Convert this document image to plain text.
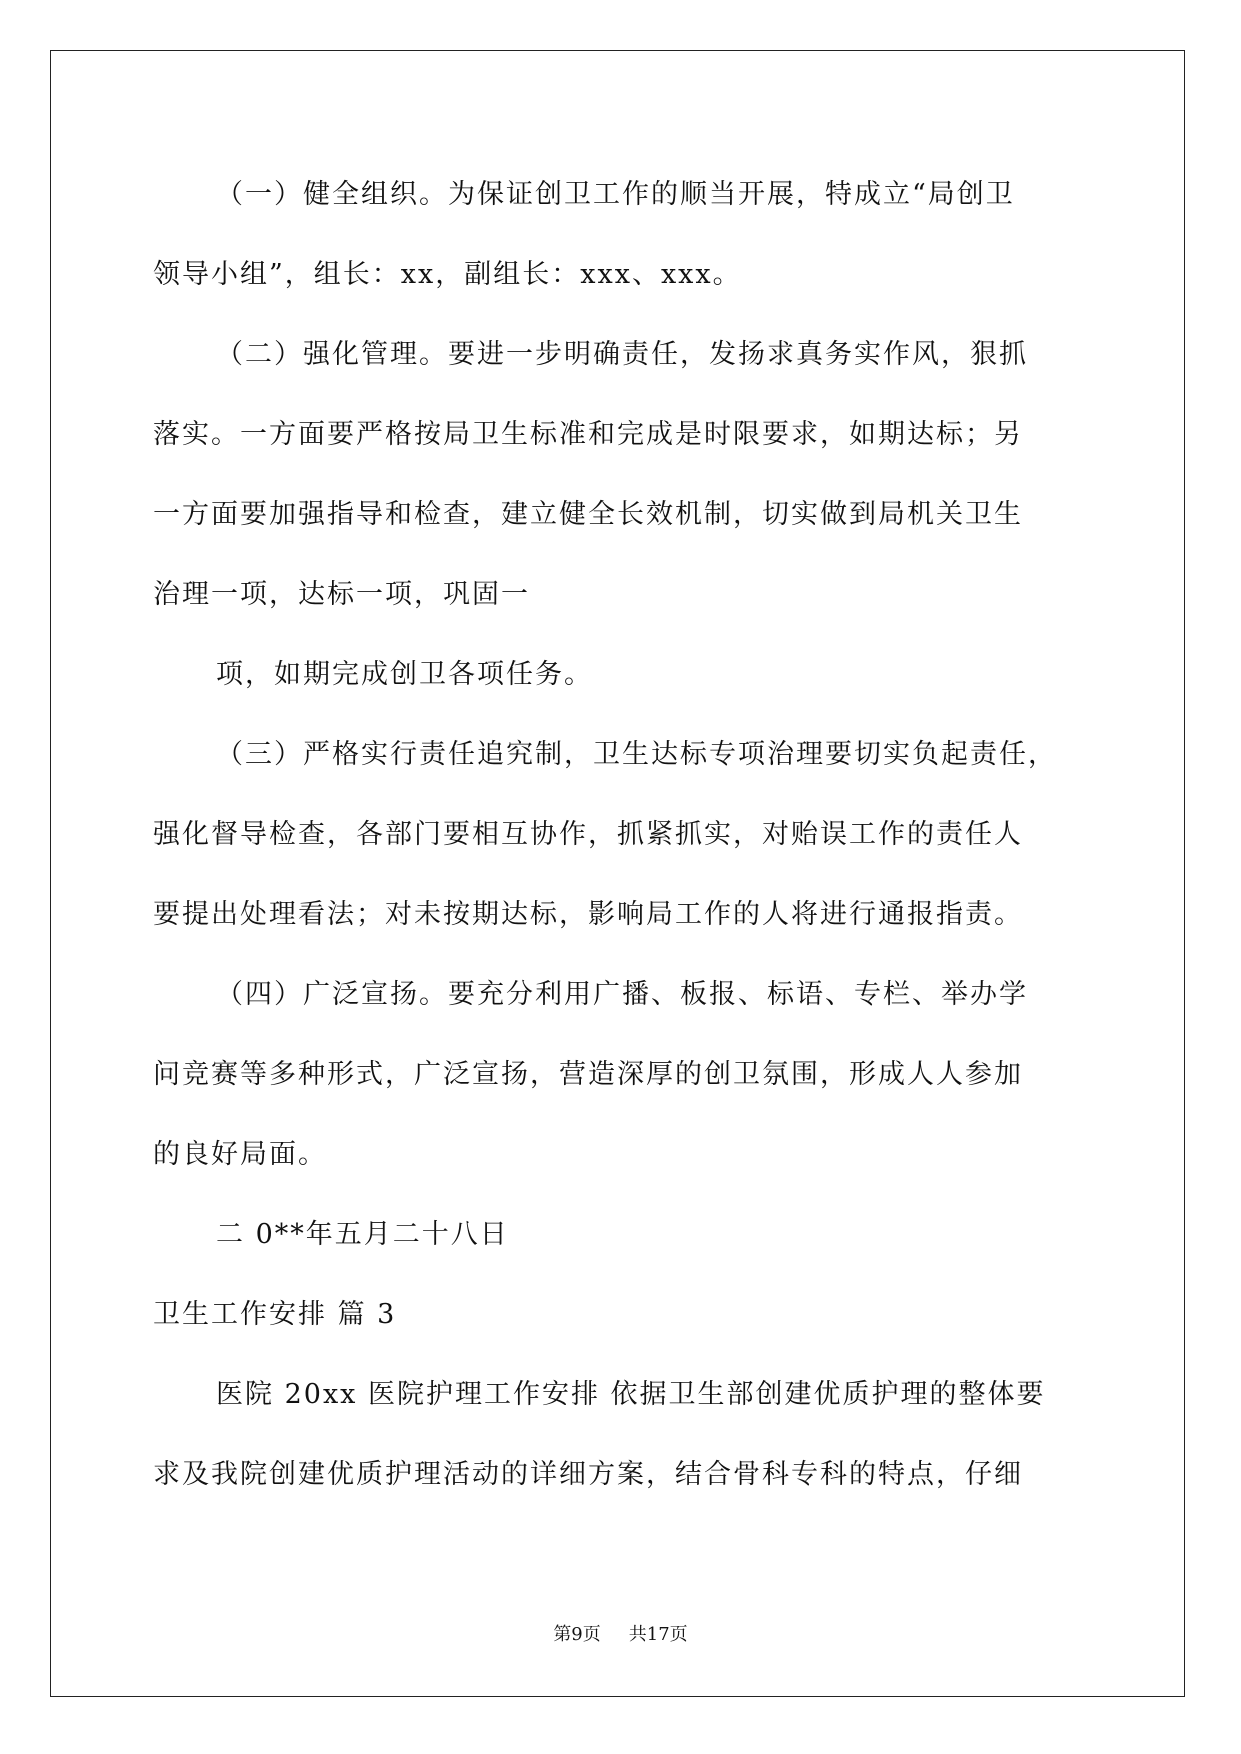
（一）健全组织。为保证创卫工作的顺当开展，特成立“局创卫

领导小组”，组长：xx，副组长：xxx、xxx。

（二）强化管理。要进一步明确责任，发扬求真务实作风，狠抓

落实。一方面要严格按局卫生标准和完成是时限要求，如期达标；另

一方面要加强指导和检查，建立健全长效机制，切实做到局机关卫生

治理一项，达标一项，巩固一

项，如期完成创卫各项任务。

（三）严格实行责任追究制，卫生达标专项治理要切实负起责任，

强化督导检查，各部门要相互协作，抓紧抓实，对贻误工作的责任人

要提出处理看法；对未按期达标，影响局工作的人将进行通报指责。

（四）广泛宣扬。要充分利用广播、板报、标语、专栏、举办学

问竞赛等多种形式，广泛宣扬，营造深厚的创卫氛围，形成人人参加

的良好局面。

二 0**年五月二十八日

卫生工作安排 篇 3

医院 20xx 医院护理工作安排 依据卫生部创建优质护理的整体要

求及我院创建优质护理活动的详细方案，结合骨科专科的特点，仔细

第9页 共17页
